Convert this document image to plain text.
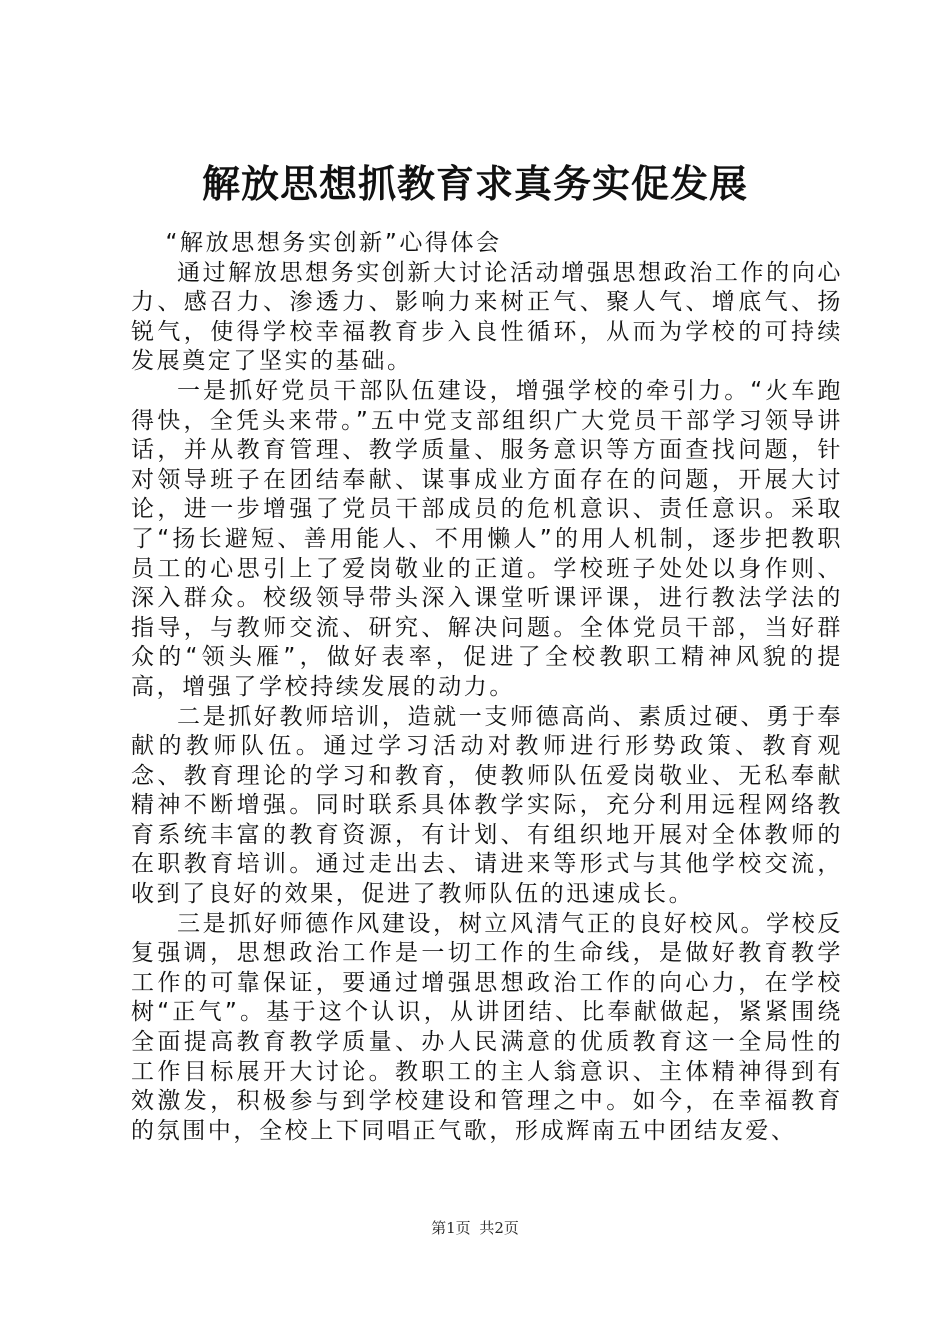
解放思想抓教育求真务实促发展

“解放思想务实创新”心得体会

通过解放思想务实创新大讨论活动增强思想政治工作的向心力、感召力、渗透力、影响力来树正气、聚人气、增底气、扬锐气，使得学校幸福教育步入良性循环，从而为学校的可持续发展奠定了坚实的基础。

一是抓好党员干部队伍建设，增强学校的牵引力。“火车跑得快，全凭头来带。”五中党支部组织广大党员干部学习领导讲话，并从教育管理、教学质量、服务意识等方面查找问题，针对领导班子在团结奉献、谋事成业方面存在的问题，开展大讨论，进一步增强了党员干部成员的危机意识、责任意识。采取了“扬长避短、善用能人、不用懒人”的用人机制，逐步把教职员工的心思引上了爱岗敬业的正道。学校班子处处以身作则、深入群众。校级领导带头深入课堂听课评课，进行教法学法的指导，与教师交流、研究、解决问题。全体党员干部，当好群众的“领头雁”，做好表率，促进了全校教职工精神风貌的提高，增强了学校持续发展的动力。

二是抓好教师培训，造就一支师德高尚、素质过硬、勇于奉献的教师队伍。通过学习活动对教师进行形势政策、教育观念、教育理论的学习和教育，使教师队伍爱岗敬业、无私奉献精神不断增强。同时联系具体教学实际，充分利用远程网络教育系统丰富的教育资源，有计划、有组织地开展对全体教师的在职教育培训。通过走出去、请进来等形式与其他学校交流，收到了良好的效果，促进了教师队伍的迅速成长。

三是抓好师德作风建设，树立风清气正的良好校风。学校反复强调，思想政治工作是一切工作的生命线，是做好教育教学工作的可靠保证，要通过增强思想政治工作的向心力，在学校树“正气”。基于这个认识，从讲团结、比奉献做起，紧紧围绕全面提高教育教学质量、办人民满意的优质教育这一全局性的工作目标展开大讨论。教职工的主人翁意识、主体精神得到有效激发，积极参与到学校建设和管理之中。如今，在幸福教育的氛围中，全校上下同唱正气歌，形成辉南五中团结友爱、

第1页 共2页
